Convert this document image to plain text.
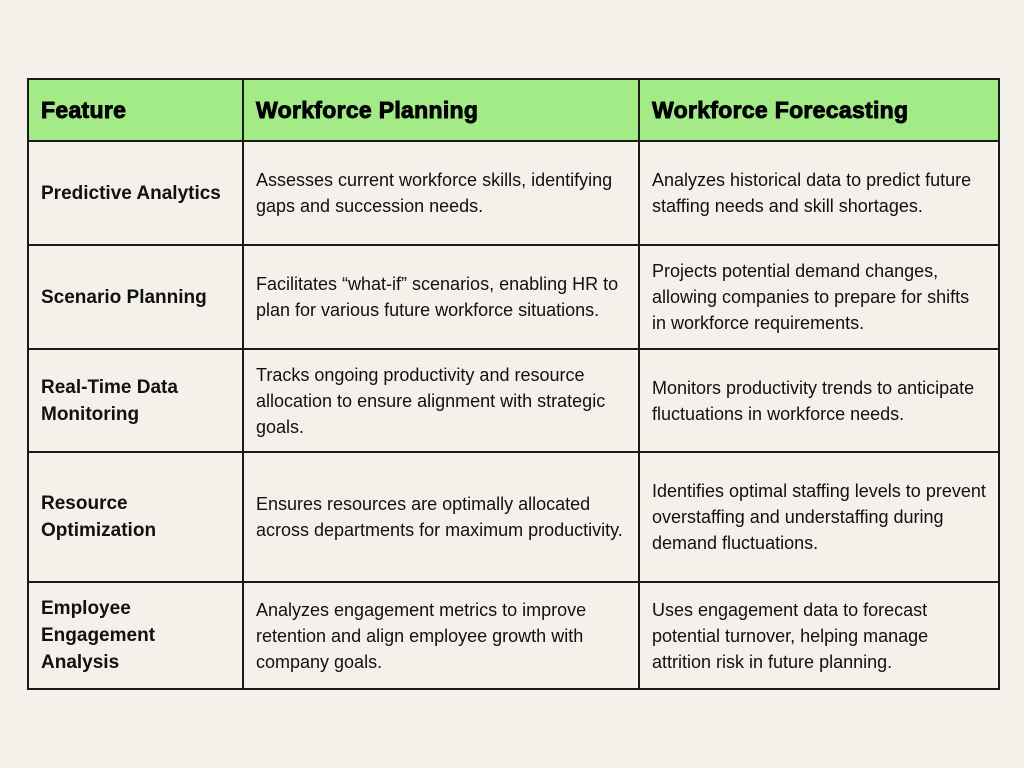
Feature	Workforce Planning	Workforce Forecasting
Predictive Analytics	Assesses current workforce skills, identifying gaps and succession needs.	Analyzes historical data to predict future staffing needs and skill shortages.
Scenario Planning	Facilitates “what-if” scenarios, enabling HR to plan for various future workforce situations.	Projects potential demand changes, allowing companies to prepare for shifts in workforce requirements.
Real-Time Data Monitoring	Tracks ongoing productivity and resource allocation to ensure alignment with strategic goals.	Monitors productivity trends to anticipate fluctuations in workforce needs.
Resource Optimization	Ensures resources are optimally allocated across departments for maximum productivity.	Identifies optimal staffing levels to prevent overstaffing and understaffing during demand fluctuations.
Employee Engagement Analysis	Analyzes engagement metrics to improve retention and align employee growth with company goals.	Uses engagement data to forecast potential turnover, helping manage attrition risk in future planning.
